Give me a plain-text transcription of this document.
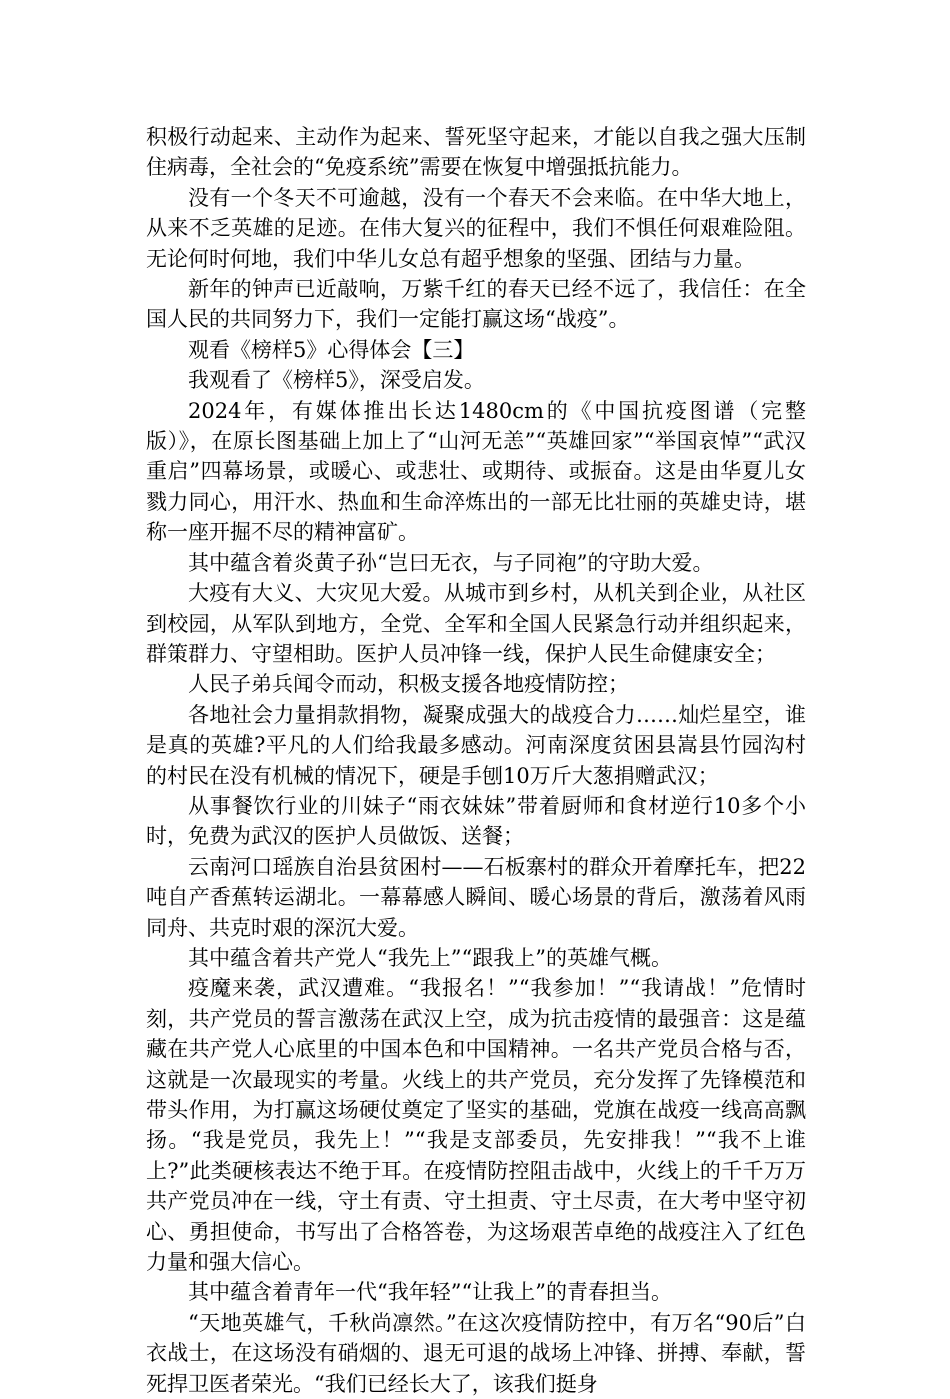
积极行动起来、主动作为起来、誓死坚守起来，才能以自我之强大压制住病毒，全社会的“免疫系统”需要在恢复中增强抵抗能力。

没有一个冬天不可逾越，没有一个春天不会来临。在中华大地上，从来不乏英雄的足迹。在伟大复兴的征程中，我们不惧任何艰难险阻。无论何时何地，我们中华儿女总有超乎想象的坚强、团结与力量。

新年的钟声已近敲响，万紫千红的春天已经不远了，我信任：在全国人民的共同努力下，我们一定能打赢这场“战疫”。

观看《榜样5》心得体会【三】

我观看了《榜样5》，深受启发。

2024年，有媒体推出长达1480cm的《中国抗疫图谱（完整版）》，在原长图基础上加上了“山河无恙”“英雄回家”“举国哀悼”“武汉重启”四幕场景，或暖心、或悲壮、或期待、或振奋。这是由华夏儿女戮力同心，用汗水、热血和生命淬炼出的一部无比壮丽的英雄史诗，堪称一座开掘不尽的精神富矿。

其中蕴含着炎黄子孙“岂曰无衣，与子同袍”的守助大爱。

大疫有大义、大灾见大爱。从城市到乡村，从机关到企业，从社区到校园，从军队到地方，全党、全军和全国人民紧急行动并组织起来，群策群力、守望相助。医护人员冲锋一线，保护人民生命健康安全；

人民子弟兵闻令而动，积极支援各地疫情防控；

各地社会力量捐款捐物，凝聚成强大的战疫合力……灿烂星空，谁是真的英雄?平凡的人们给我最多感动。河南深度贫困县嵩县竹园沟村的村民在没有机械的情况下，硬是手刨10万斤大葱捐赠武汉；

从事餐饮行业的川妹子“雨衣妹妹”带着厨师和食材逆行10多个小时，免费为武汉的医护人员做饭、送餐；

云南河口瑶族自治县贫困村——石板寨村的群众开着摩托车，把22吨自产香蕉转运湖北。一幕幕感人瞬间、暖心场景的背后，激荡着风雨同舟、共克时艰的深沉大爱。

其中蕴含着共产党人“我先上”“跟我上”的英雄气概。

疫魔来袭，武汉遭难。“我报名！”“我参加！”“我请战！”危情时刻，共产党员的誓言激荡在武汉上空，成为抗击疫情的最强音：这是蕴藏在共产党人心底里的中国本色和中国精神。一名共产党员合格与否，这就是一次最现实的考量。火线上的共产党员，充分发挥了先锋模范和带头作用，为打赢这场硬仗奠定了坚实的基础，党旗在战疫一线高高飘扬。“我是党员，我先上！”“我是支部委员，先安排我！”“我不上谁上?”此类硬核表达不绝于耳。在疫情防控阻击战中，火线上的千千万万共产党员冲在一线，守土有责、守土担责、守土尽责，在大考中坚守初心、勇担使命，书写出了合格答卷，为这场艰苦卓绝的战疫注入了红色力量和强大信心。

其中蕴含着青年一代“我年轻”“让我上”的青春担当。

“天地英雄气，千秋尚凛然。”在这次疫情防控中，有万名“90后”白衣战士，在这场没有硝烟的、退无可退的战场上冲锋、拼搏、奉献，誓死捍卫医者荣光。“我们已经长大了，该我们挺身
